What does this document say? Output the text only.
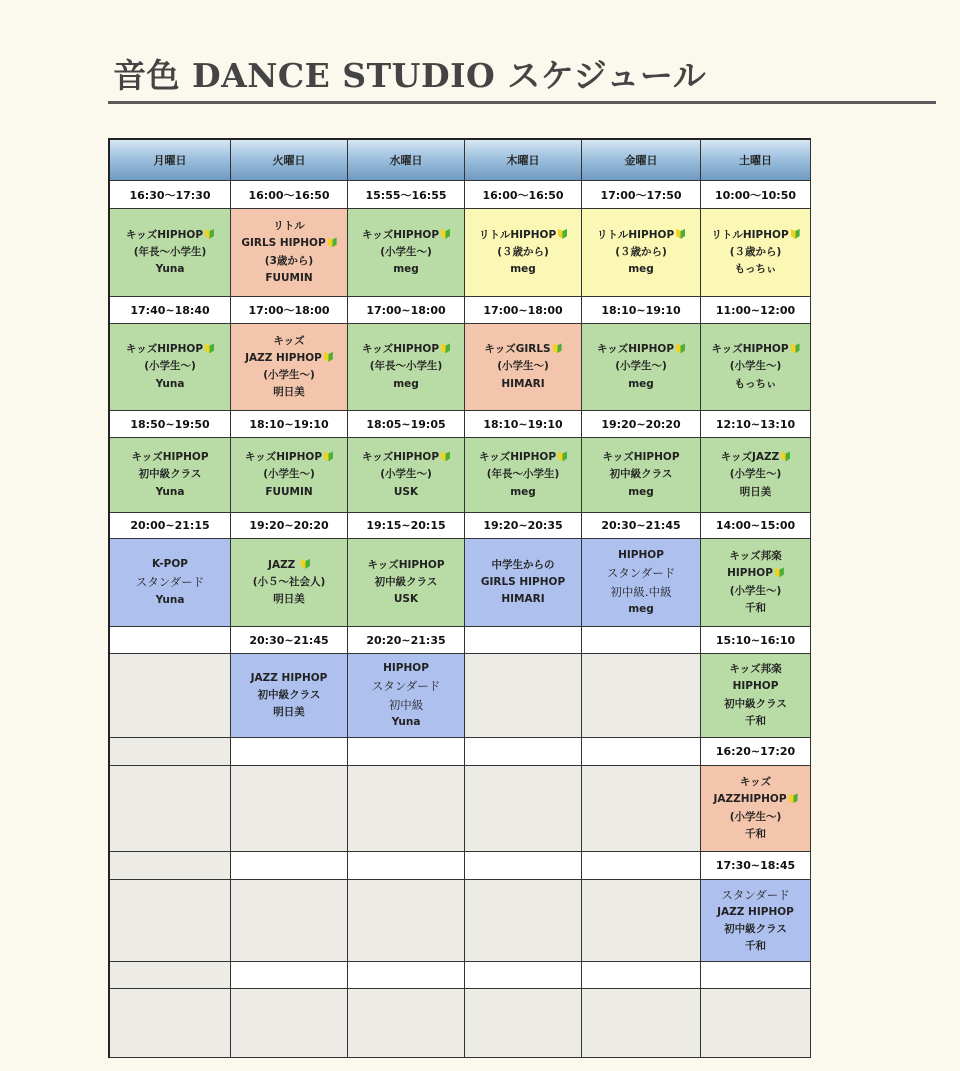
音色 DANCE STUDIO スケジュール
月曜日
16:30〜17:30
キッズHIPHOP
(年長〜小学生)
Yuna
17:40~18:40
キッズHIPHOP
(小学生〜)
Yuna
18:50~19:50
キッズHIPHOP
初中級クラス
Yuna
20:00~21:15
K-POP
スタンダード
Yuna
火曜日
16:00〜16:50
リトル
GIRLS HIPHOP
(3歳から)
FUUMIN
17:00〜18:00
キッズ
JAZZ HIPHOP
(小学生〜)
明日美
18:10~19:10
キッズHIPHOP
(小学生〜)
FUUMIN
19:20~20:20
JAZZ
(小５〜社会人)
明日美
20:30~21:45
JAZZ HIPHOP
初中級クラス
明日美
水曜日
15:55〜16:55
キッズHIPHOP
(小学生〜)
meg
17:00~18:00
キッズHIPHOP
(年長〜小学生)
meg
18:05~19:05
キッズHIPHOP
(小学生〜)
USK
19:15~20:15
キッズHIPHOP
初中級クラス
USK
20:20~21:35
HIPHOP
スタンダード
初中級
Yuna
木曜日
16:00〜16:50
リトルHIPHOP
(３歳から)
meg
17:00~18:00
キッズGIRLS
(小学生〜)
HIMARI
18:10~19:10
キッズHIPHOP
(年長〜小学生)
meg
19:20~20:35
中学生からの
GIRLS HIPHOP
HIMARI
金曜日
17:00〜17:50
リトルHIPHOP
(３歳から)
meg
18:10~19:10
キッズHIPHOP
(小学生〜)
meg
19:20~20:20
キッズHIPHOP
初中級クラス
meg
20:30~21:45
HIPHOP
スタンダード
初中級.中級
meg
土曜日
10:00〜10:50
リトルHIPHOP
(３歳から)
もっちぃ
11:00~12:00
キッズHIPHOP
(小学生〜)
もっちぃ
12:10~13:10
キッズJAZZ
(小学生〜)
明日美
14:00~15:00
キッズ邦楽
HIPHOP
(小学生〜)
千和
15:10~16:10
キッズ邦楽
HIPHOP
初中級クラス
千和
16:20~17:20
キッズ
JAZZHIPHOP
(小学生〜)
千和
17:30~18:45
スタンダード
JAZZ HIPHOP
初中級クラス
千和
